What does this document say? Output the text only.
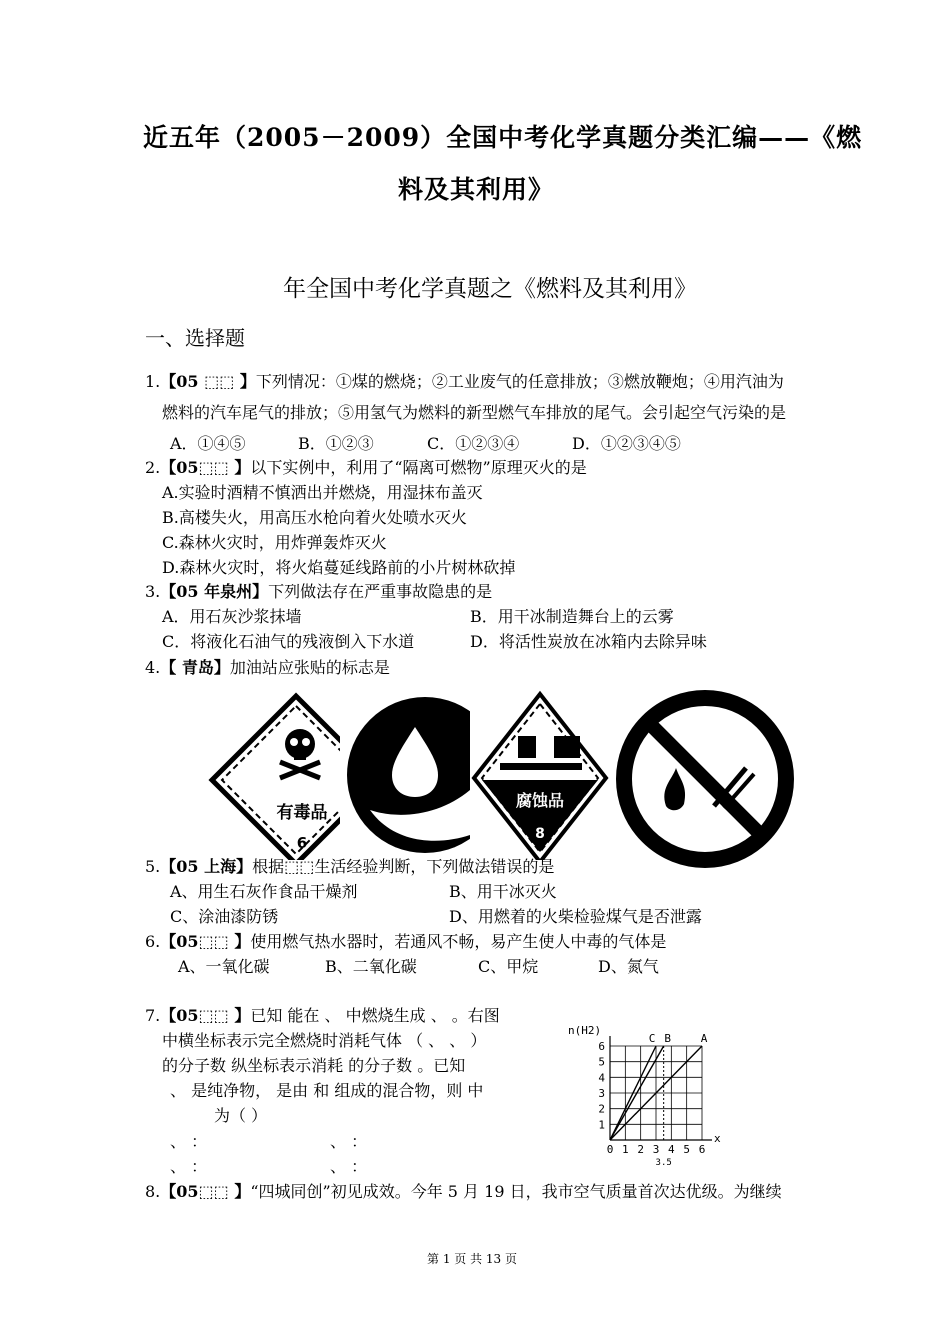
近五年（2005－2009）全国中考化学真题分类汇编——《燃
料及其利用》
年全国中考化学真题之《燃料及其利用》
一、选择题
1.【05 ⬚⬚ 】下列情况：①煤的燃烧；②工业废气的任意排放；③燃放鞭炮；④用汽油为
燃料的汽车尾气的排放；⑤用氢气为燃料的新型燃气车排放的尾气。会引起空气污染的是
A．①④⑤	B．①②③	C．①②③④	D．①②③④⑤
2.【05⬚⬚ 】以下实例中，利用了“隔离可燃物”原理灭火的是
A.实验时酒精不慎洒出并燃烧，用湿抹布盖灭
B.高楼失火，用高压水枪向着火处喷水灭火
C.森林火灾时，用炸弹轰炸灭火
D.森林火灾时，将火焰蔓延线路前的小片树林砍掉
3.【05 年泉州】下列做法存在严重事故隐患的是
A．用石灰沙浆抹墙	B．用干冰制造舞台上的云雾
C．将液化石油气的残液倒入下水道	D．将活性炭放在冰箱内去除异味
4.【 青岛】加油站应张贴的标志是
有毒品
6
腐蚀品
8
5.【05 上海】根据⬚⬚生活经验判断，下列做法错误的是
A、用生石灰作食品干燥剂	B、用干冰灭火
C、涂油漆防锈	D、用燃着的火柴检验煤气是否泄露
6.【05⬚⬚ 】使用燃气热水器时，若通风不畅，易产生使人中毒的气体是
A、一氧化碳	B、二氧化碳	C、甲烷	D、氮气
7.【05⬚⬚ 】已知 能在 、 中燃烧生成 、 。右图
中横坐标表示完全燃烧时消耗气体 （ 、 、 ）
的分子数 纵坐标表示消耗 的分子数 。已知
、 是纯净物， 是由 和 组成的混合物，则 中
为（ ）
、 ：	、 ：
、 ：	、 ：
0 1 2 3 4 5 6
1
2
3
4
5
6
3.5
n(H2)
x
A
B
C
8.【05⬚⬚ 】“四城同创”初见成效。今年 5 月 19 日，我市空气质量首次达优级。为继续
第 1 页 共 13 页
